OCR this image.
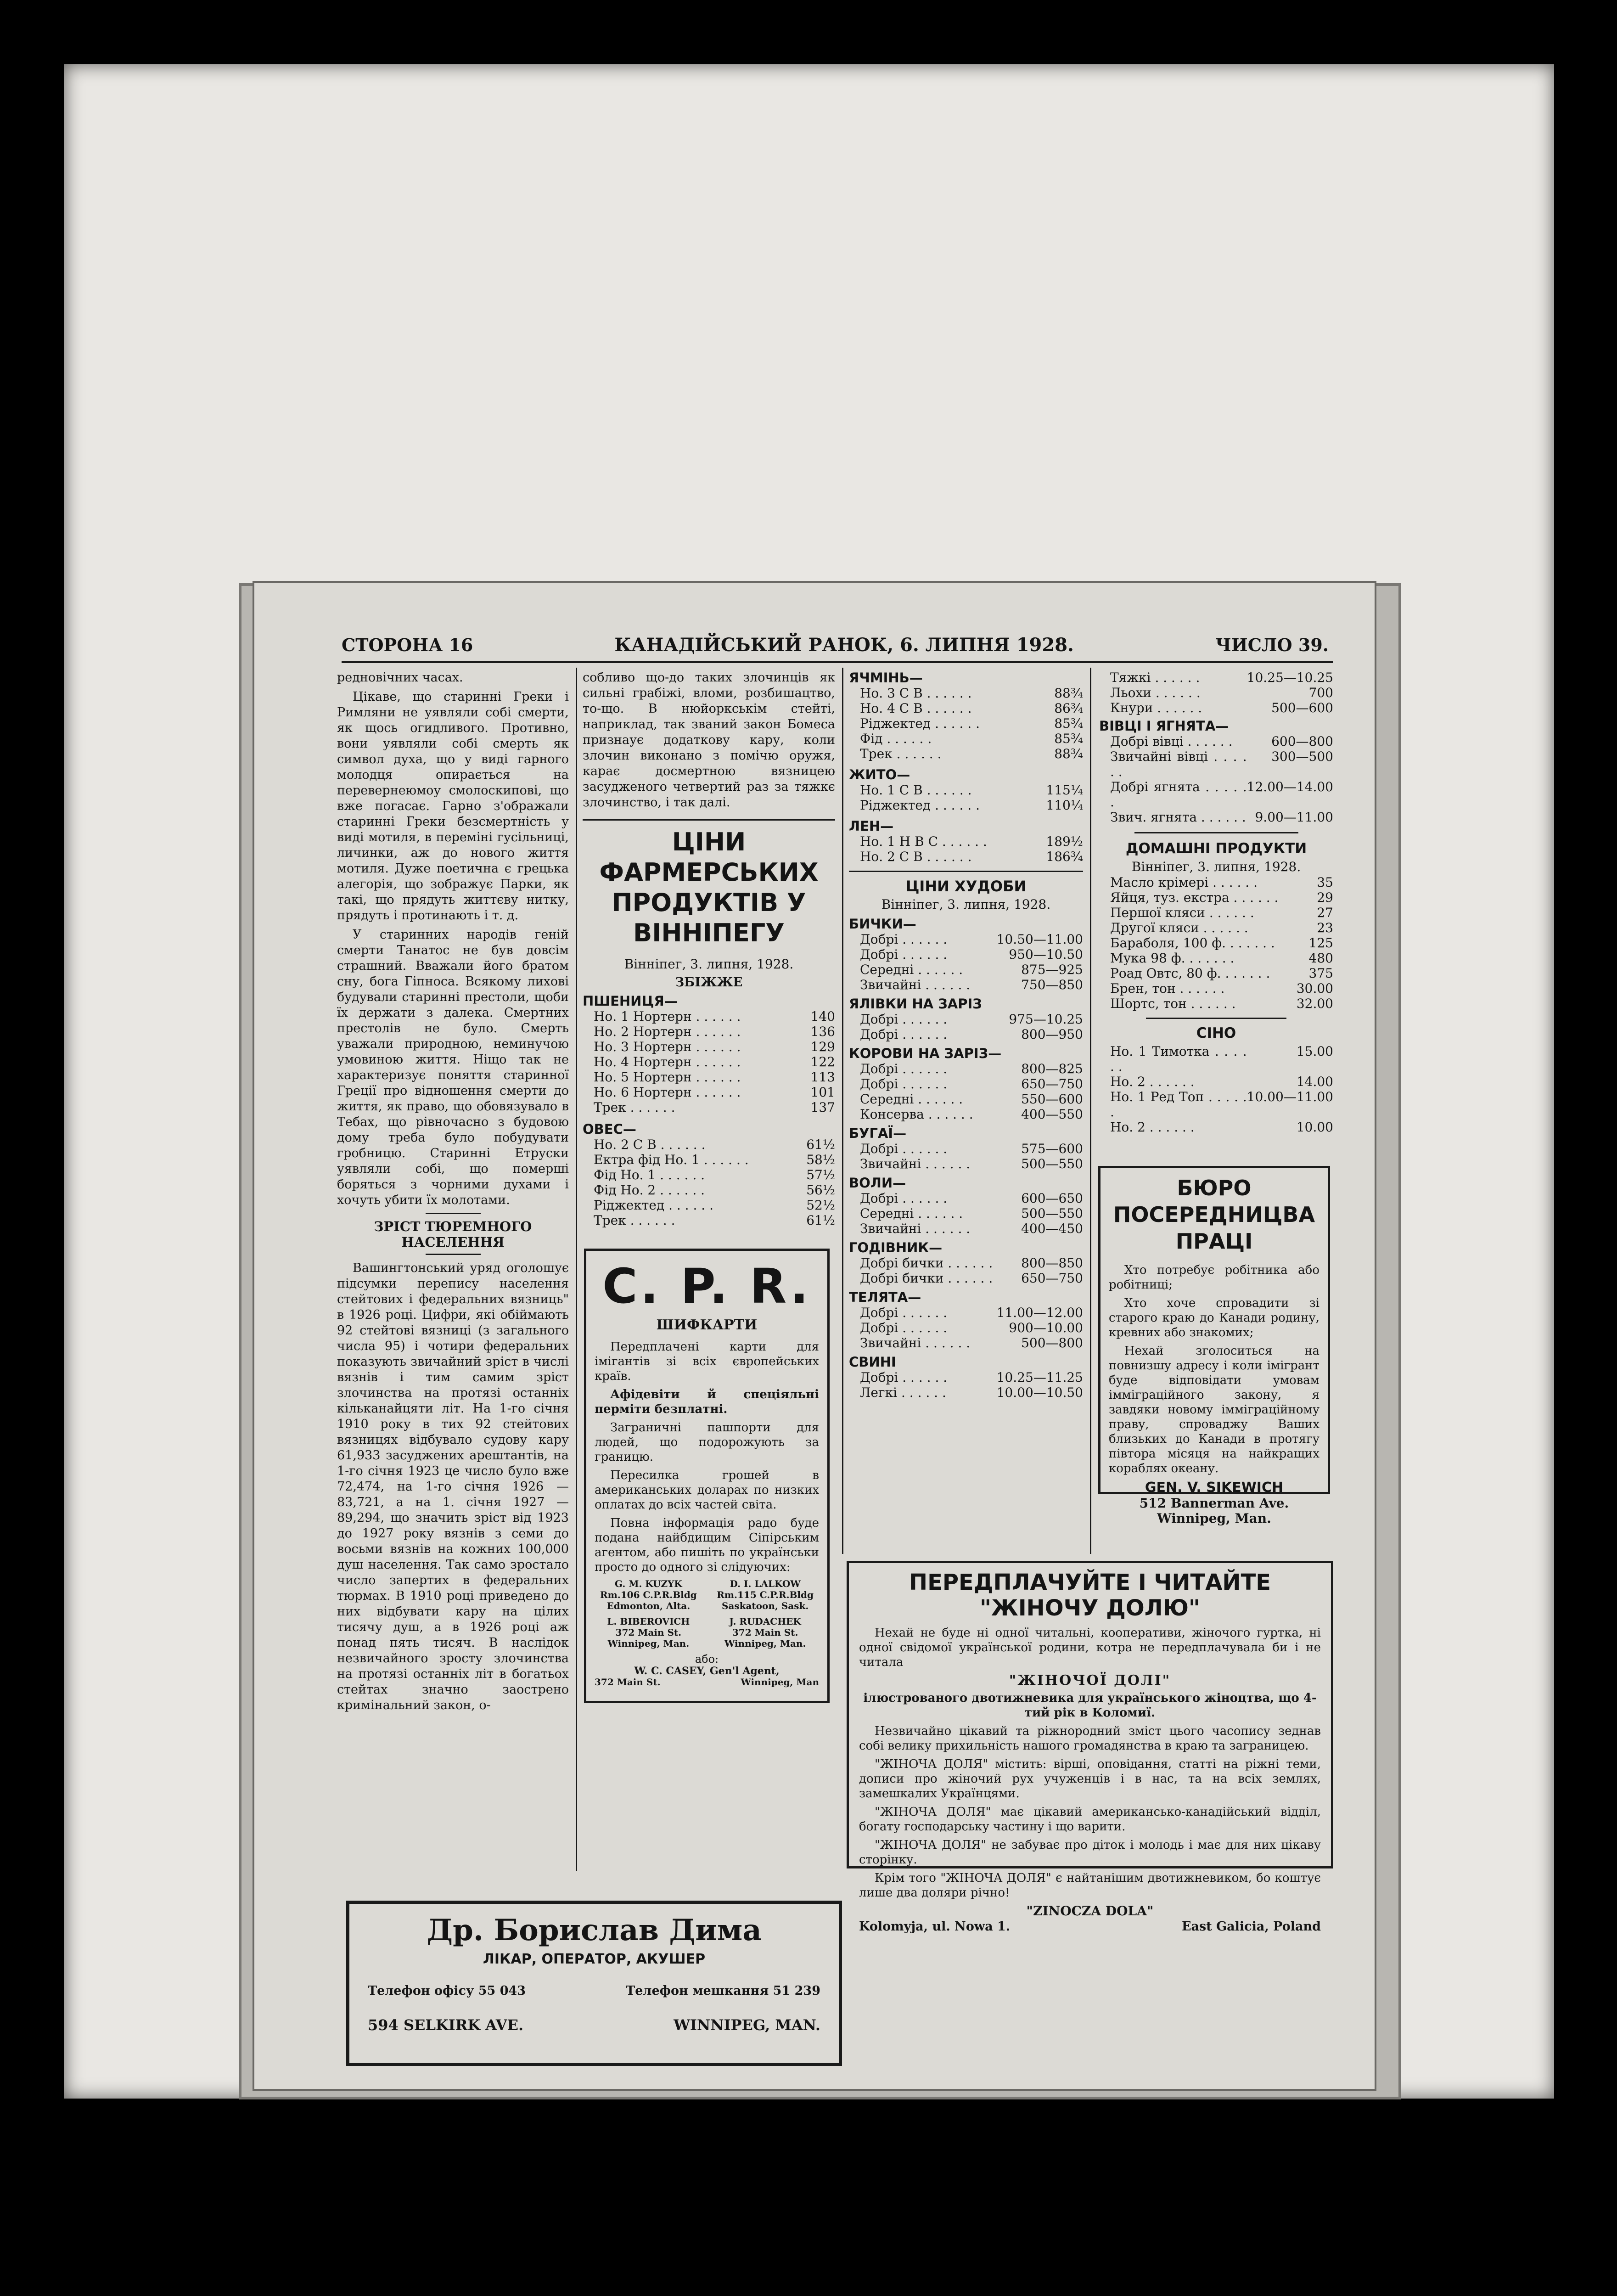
СТОРОНА 16	КАНАДІЙСЬКИЙ РАНОК, 6. ЛИПНЯ 1928.	ЧИСЛО 39.

редновічних часах.

Цікаве, що старинні Греки і Римляни не уявляли собі смерти, як щось огидливого. Противно, вони уявляли собі смерть як символ духа, що у виді гарного молодця опирається на перевернеюмоу смолоскипові, що вже погасає. Гарно з'ображали старинні Греки безсмертність у виді мотиля, в переміні гусільниці, личинки, аж до нового життя мотиля. Дуже поетична є грецька алегорія, що зображує Парки, як такі, що прядуть життєву нитку, прядуть і протинають і т. д.

У старинних народів геній смерти Танатос не був довсім страшний. Вважали його братом сну, бога Гіпноса. Всякому лихові будували старинні престоли, щоби їх держати з далека. Смертних престолів не було. Смерть уважали природною, неминучою умовиною життя. Ніщо так не характеризує поняття старинної Греції про відношення смерти до життя, як право, що обовязувало в Тебах, що рівночасно з будовою дому треба було побудувати гробницю. Старинні Етруски уявляли собі, що померші боряться з чорними духами і хочуть убити їх молотами.

ЗРІСТ ТЮРЕМНОГО НАСЕЛЕННЯ

Вашингтонський уряд оголошує підсумки перепису населення стейтових і федеральних вязниць" в 1926 році. Цифри, які обіймають 92 стейтові вязниці (з загального числа 95) і чотири федеральних показують звичайний зріст в числі вязнів і тим самим зріст злочинства на протязі останніх кільканайцяти літ. На 1-го січня 1910 року в тих 92 стейтових вязницях відбувало судову кару 61,933 засуджених арештантів, на 1-го січня 1923 це число було вже 72,474, на 1-го січня 1926 — 83,721, а на 1. січня 1927 — 89,294, що значить зріст від 1923 до 1927 року вязнів з семи до восьми вязнів на кожних 100,000 душ населення. Так само зростало число запертих в федеральних тюрмах. В 1910 році приведено до них відбувати кару на цілих тисячу душ, а в 1926 році аж понад пять тисяч. В наслідок незвичайного зросту злочинства на протязі останніх літ в богатьох стейтах значно заострено кримінальний закон, о-

собливо що-до таких злочинців як сильні грабіжі, вломи, розбишацтво, то-що. В нюйоркськім стейті, наприклад, так званий закон Бомеса признаує додаткову кару, коли злочин виконано з помічю оружя, карає досмертною вязницею засудженого четвертий раз за тяжкє злочинство, і так далі.

ЦІНИ ФАРМЕРСЬКИХ ПРОДУКТІВ У ВІННІПЕГУ
Вінніпег, 3. липня, 1928.
ЗБІЖЖЕ
ПШЕНИЦЯ—
Но. 1 Нортерн . . . . . .	140
Но. 2 Нортерн . . . . . .	136
Но. 3 Нортерн . . . . . .	129
Но. 4 Нортерн . . . . . .	122
Но. 5 Нортерн . . . . . .	113
Но. 6 Нортерн . . . . . .	101
Трек . . . . . .	137
ОВЕС—
Но. 2 С В . . . . . .	61½
Ектра фід Но. 1 . . . . . .	58½
Фід Но. 1 . . . . . .	57½
Фід Но. 2 . . . . . .	56½
Ріджектед . . . . . .	52½
Трек . . . . . .	61½
C. P. R.
ШИФКАРТИ

Передплачені карти для імігантів зі всіх європейських країв.

Афідевіти й спеціяльні перміти безплатні.

Заграничні пашпорти для людей, що подорожують за границю.

Пересилка грошей в американських доларах по низких оплатах до всіх частей світа.

Повна інформація радо буде подана найбдищим Сіпірським агентом, або пишіть по українськи просто до одного зі слідуючих:

G. M. KUZYK
Rm.106 C.P.R.Bldg Edmonton, Alta.
D. I. LALKOW
Rm.115 C.P.R.Bldg Saskatoon, Sask.
L. BIBEROVICH
372 Main St. Winnipeg, Man.
J. RUDACHEK
372 Main St. Winnipeg, Man.
або:
W. C. CASEY, Gen'l Agent,
372 Main St.	Winnipeg, Man
ЯЧМІНЬ—
Но. 3 С В . . . . . .	88¾
Но. 4 С В . . . . . .	86¾
Ріджектед . . . . . .	85¾
Фід . . . . . .	85¾
Трек . . . . . .	88¾
ЖИТО—
Но. 1 С В . . . . . .	115¼
Ріджектед . . . . . .	110¼
ЛЕН—
Но. 1 Н В С . . . . . .	189½
Но. 2 С В . . . . . .	186¾
ЦІНИ ХУДОБИ
Вінніпег, 3. липня, 1928.
БИЧКИ—
Добрі . . . . . .	10.50—11.00
Добрі . . . . . .	950—10.50
Середні . . . . . .	875—925
Звичайні . . . . . .	750—850
ЯЛІВКИ НА ЗАРІЗ
Добрі . . . . . .	975—10.25
Добрі . . . . . .	800—950
КОРОВИ НА ЗАРІЗ—
Добрі . . . . . .	800—825
Добрі . . . . . .	650—750
Середні . . . . . .	550—600
Консерва . . . . . .	400—550
БУГАЇ—
Добрі . . . . . .	575—600
Звичайні . . . . . .	500—550
ВОЛИ—
Добрі . . . . . .	600—650
Середні . . . . . .	500—550
Звичайні . . . . . .	400—450
ГОДІВНИК—
Добрі бички . . . . . .	800—850
Добрі бички . . . . . .	650—750
ТЕЛЯТА—
Добрі . . . . . .	11.00—12.00
Добрі . . . . . .	900—10.00
Звичайні . . . . . .	500—800
СВИНІ
Добрі . . . . . .	10.25—11.25
Легкі . . . . . .	10.00—10.50
Тяжкі . . . . . .	10.25—10.25
Льохи . . . . . .	700
Кнури . . . . . .	500—600
ВІВЦІ І ЯГНЯТА—
Добрі вівці . . . . . .	600—800
Звичайні вівці . . . . . .	300—500
Добрі ягнята . . . . . .	12.00—14.00
Звич. ягнята . . . . . .	9.00—11.00
ДОМАШНІ ПРОДУКТИ
Вінніпег, 3. липня, 1928.
Масло крімері . . . . . .	35
Яйця, туз. екстра . . . . . .	29
Першої кляси . . . . . .	27
Другої кляси . . . . . .	23
Бараболя, 100 ф. . . . . . .	125
Мука 98 ф. . . . . . .	480
Роад Овтс, 80 ф. . . . . . .	375
Брен, тон . . . . . .	30.00
Шортс, тон . . . . . .	32.00
СІНО
Но. 1 Тимотка . . . . . .	15.00
Но. 2 . . . . . .	14.00
Но. 1 Ред Топ . . . . . .	10.00—11.00
Но. 2 . . . . . .	10.00
БЮРО ПОСЕРЕДНИЦВА ПРАЦІ

Хто потребує робітника або робітниці;

Хто хоче спровадити зі старого краю до Канади родину, кревних або знакомих;

Нехай зголоситься на повнизшу адресу і коли імігрант буде відповідати умовам імміграційного закону, я завдяки новому імміграційному праву, спроваджу Ваших близьких до Канади в протягу півтора місяця на найкращих кораблях океану.

GEN. V. SIKEWICH
512 Bannerman Ave.
Winnipeg, Man.
ПЕРЕДПЛАЧУЙТЕ І ЧИТАЙТЕ "ЖІНОЧУ ДОЛЮ"

Нехай не буде ні одної читальні, кооперативи, жіночого гуртка, ні одної свідомої української родини, котра не передплачувала би і не читала

"ЖІНОЧОЇ ДОЛІ"

ілюстрованого двотижневика для українського жіноцтва, що 4-тий рік в Коломиї.

Незвичайно цікавий та ріжнородний зміст цього часопису зеднав собі велику прихильність нашого громадянства в краю та заграницею.

"ЖІНОЧА ДОЛЯ" містить: вірші, оповідання, статті на ріжні теми, дописи про жіночий рух учуженців і в нас, та на всіх землях, замешкалих Українцями.

"ЖІНОЧА ДОЛЯ" має цікавий американсько-канадійський відділ, богату господарську частину і що варити.

"ЖІНОЧА ДОЛЯ" не забуває про діток і молодь і має для них цікаву сторінку.

Крім того "ЖІНОЧА ДОЛЯ" є найтанішим двотижневиком, бо коштує лише два доляри річно!

"ZINOCZA DOLA"
Kolomyja, ul. Nowa 1.	East Galicia, Poland
Др. Борислав Дима
ЛІКАР, ОПЕРАТОР, АКУШЕР
Телефон офісу 55 043	Телефон мешкання 51 239
594 SELKIRK AVE.	WINNIPEG, MAN.
